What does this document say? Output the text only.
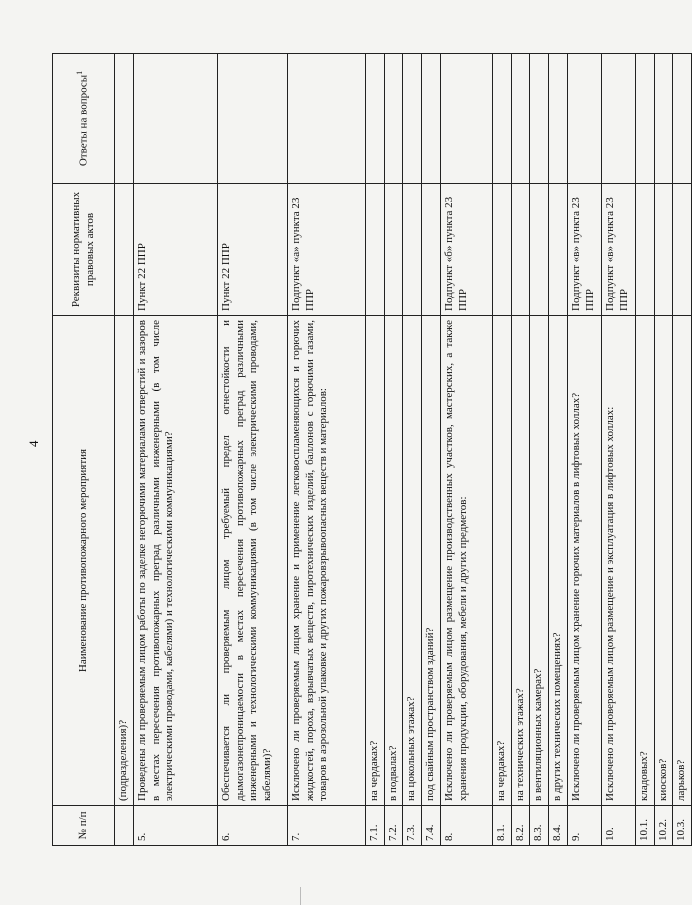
4
№ п/п	Наименование противопожарного мероприятия	Реквизиты нормативных правовых актов	Ответы на вопросы$^1$
	(подразделения)?		
5.	Проведены ли проверяемым лицом работы по заделке негорючими материалами отверстий и зазоров в местах пересечения противопожарных преград различными инженерными (в том числе электрическими проводами, кабелями) и технологическими коммуникациями?	Пункт 22 ППР	
6.	Обеспечивается ли проверяемым лицом требуемый предел огнестойкости и дымогазонепроницаемости в местах пересечения противопожарных преград различными инженерными и технологическими коммуникациями (в том числе электрическими проводами, кабелями)?	Пункт 22 ППР	
7.	Исключено ли проверяемым лицом хранение и применение легковоспламеняющихся и горючих жидкостей, пороха, взрывчатых веществ, пиротехнических изделий, баллонов с горючими газами, товаров в аэрозольной упаковке и других пожаровзрывоопасных веществ и материалов:	Подпункт «а» пункта 23 ППР	
7.1.	на чердаках?		
7.2.	в подвалах?		
7.3.	на цокольных этажах?		
7.4.	под свайным пространством зданий?		
8.	Исключено ли проверяемым лицом размещение производственных участков, мастерских, а также хранения продукции, оборудования, мебели и других предметов:	Подпункт «б» пункта 23 ППР	
8.1.	на чердаках?		
8.2.	на технических этажах?		
8.3.	в вентиляционных камерах?		
8.4.	в других технических помещениях?		
9.	Исключено ли проверяемым лицом хранение горючих материалов в лифтовых холлах?	Подпункт «в» пункта 23 ППР	
10.	Исключено ли проверяемым лицом размещение и эксплуатация в лифтовых холлах:	Подпункт «в» пункта 23 ППР	
10.1.	кладовых?		
10.2.	киосков?		
10.3.	ларьков?		
